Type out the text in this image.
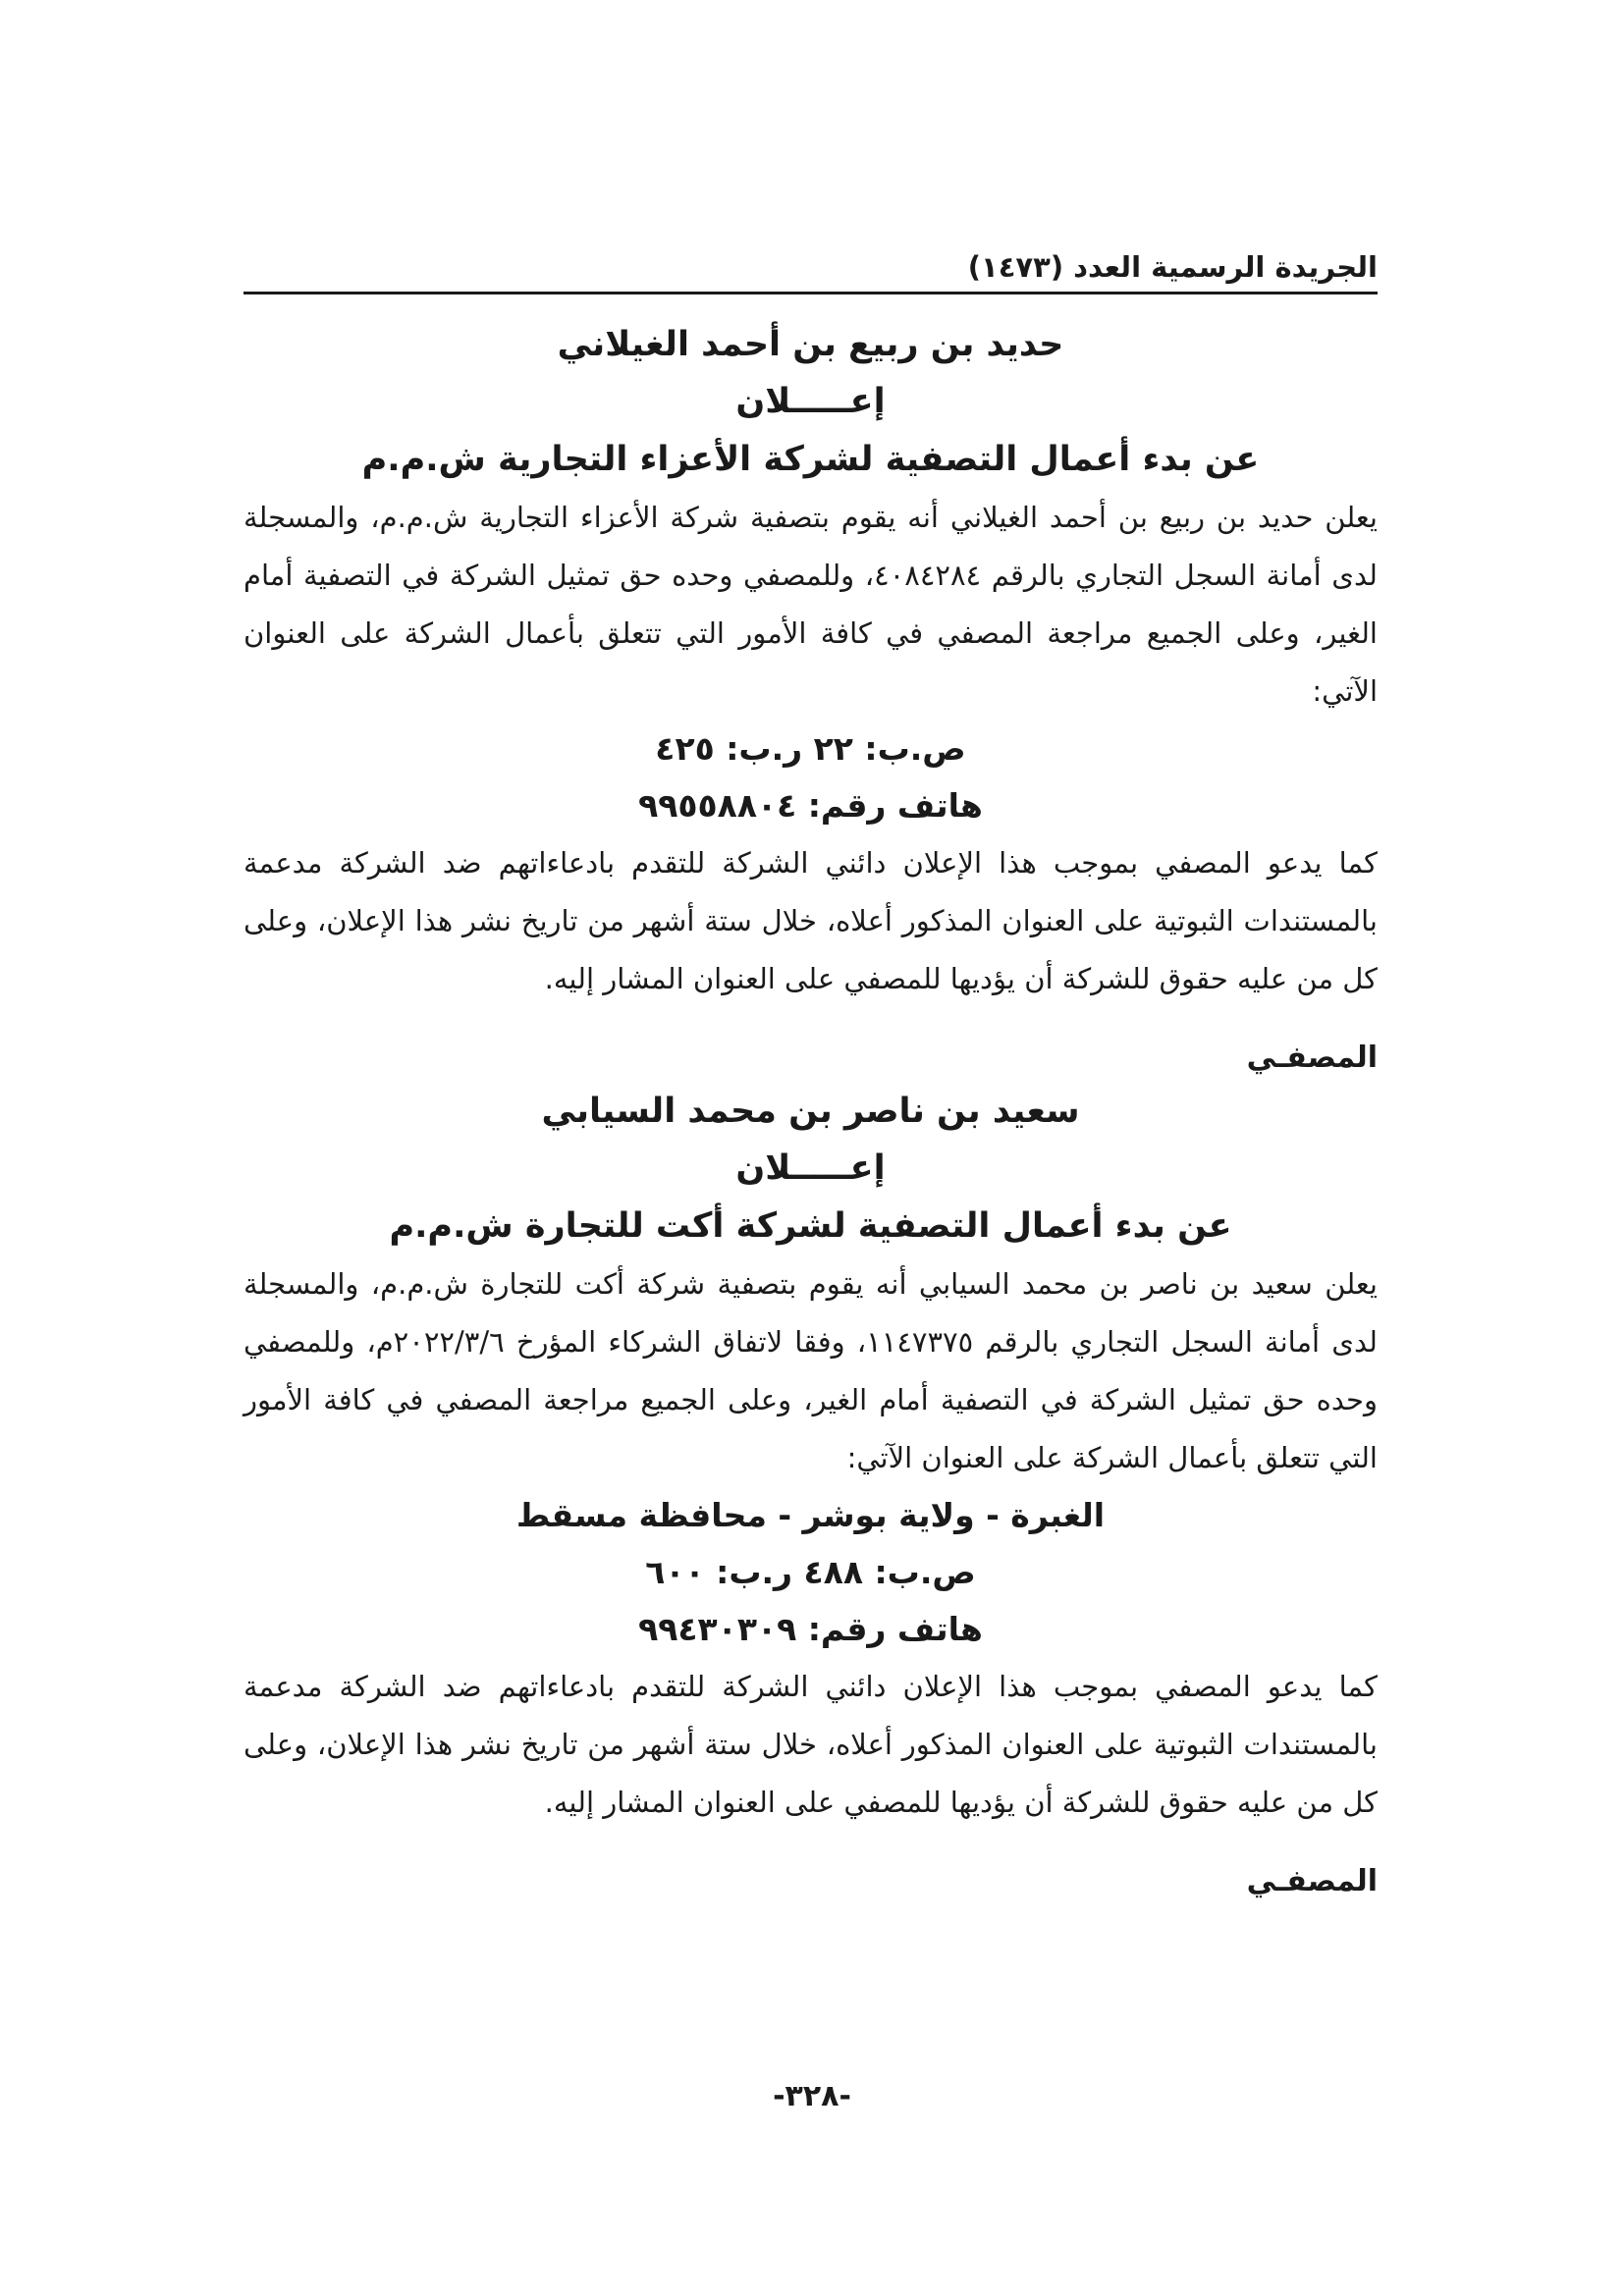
الجريدة الرسمية العدد (١٤٧٣)
حديد بن ربيع بن أحمد الغيلاني
إعـــــلان
عن بدء أعمال التصفية لشركة الأعزاء التجارية ش.م.م

يعلن حديد بن ربيع بن أحمد الغيلاني أنه يقوم بتصفية شركة الأعزاء التجارية ش.م.م، والمسجلة لدى أمانة السجل التجاري بالرقم ٤٠٨٤٢٨٤، وللمصفي وحده حق تمثيل الشركة في التصفية أمام الغير، وعلى الجميع مراجعة المصفي في كافة الأمور التي تتعلق بأعمال الشركة على العنوان الآتي:

ص.ب: ٢٢ ر.ب: ٤٢٥
هاتف رقم: ٩٩٥٥٨٨٠٤

كما يدعو المصفي بموجب هذا الإعلان دائني الشركة للتقدم بادعاءاتهم ضد الشركة مدعمة بالمستندات الثبوتية على العنوان المذكور أعلاه، خلال ستة أشهر من تاريخ نشر هذا الإعلان، وعلى كل من عليه حقوق للشركة أن يؤديها للمصفي على العنوان المشار إليه.

المصفـي
سعيد بن ناصر بن محمد السيابي
إعـــــلان
عن بدء أعمال التصفية لشركة أكت للتجارة ش.م.م

يعلن سعيد بن ناصر بن محمد السيابي أنه يقوم بتصفية شركة أكت للتجارة ش.م.م، والمسجلة لدى أمانة السجل التجاري بالرقم ١١٤٧٣٧٥، وفقا لاتفاق الشركاء المؤرخ ٢٠٢٢/٣/٦م، وللمصفي وحده حق تمثيل الشركة في التصفية أمام الغير، وعلى الجميع مراجعة المصفي في كافة الأمور التي تتعلق بأعمال الشركة على العنوان الآتي:

الغبرة - ولاية بوشر - محافظة مسقط
ص.ب: ٤٨٨ ر.ب: ٦٠٠
هاتف رقم: ٩٩٤٣٠٣٠٩

كما يدعو المصفي بموجب هذا الإعلان دائني الشركة للتقدم بادعاءاتهم ضد الشركة مدعمة بالمستندات الثبوتية على العنوان المذكور أعلاه، خلال ستة أشهر من تاريخ نشر هذا الإعلان، وعلى كل من عليه حقوق للشركة أن يؤديها للمصفي على العنوان المشار إليه.

المصفـي
-٣٢٨-
